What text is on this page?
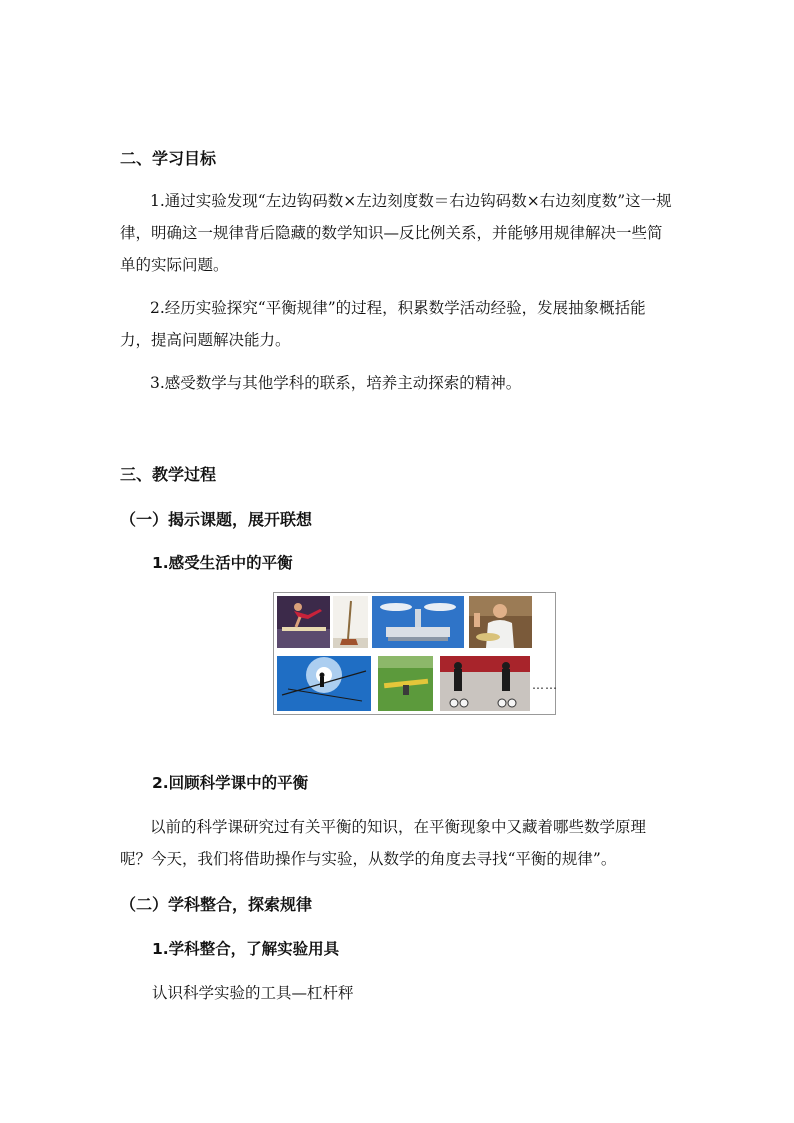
二、学习目标
1.通过实验发现“左边钩码数×左边刻度数＝右边钩码数×右边刻度数”这一规律，明确这一规律背后隐藏的数学知识—反比例关系，并能够用规律解决一些简单的实际问题。
2.经历实验探究“平衡规律”的过程，积累数学活动经验，发展抽象概括能力，提高问题解决能力。
3.感受数学与其他学科的联系，培养主动探索的精神。
三、教学过程
（一）揭示课题，展开联想
1.感受生活中的平衡
……
2.回顾科学课中的平衡
以前的科学课研究过有关平衡的知识，在平衡现象中又藏着哪些数学原理呢？今天，我们将借助操作与实验，从数学的角度去寻找“平衡的规律”。
（二）学科整合，探索规律
1.学科整合，了解实验用具
认识科学实验的工具—杠杆秤
